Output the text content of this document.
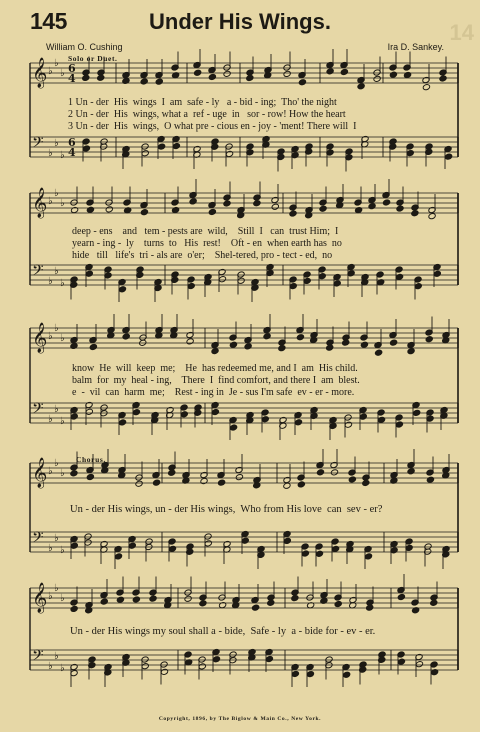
𝄞 ♭
♭
♭ 6
4
𝄢 ♭
♭
♭
6
4
𝄞 ♭
♭
♭
𝄢 ♭
♭
♭
𝄞 ♭
♭
♭
𝄢 ♭
♭
♭
𝄞 ♭
♭
♭
𝄢 ♭
♭
♭
𝄞 ♭
♭
♭
𝄢 ♭
♭
♭
145	Under His Wings.	14
William O. Cushing	Ira D. Sankey.
Solo or Duet.
Chorus.
1 Un - der  His  wings  I  am  safe - ly   a - bid - ing;  Tho' the night
2 Un - der  His  wings, what a  ref - uge  in   sor - row! How the heart
3 Un - der  His  wings,  O what pre - cious en - joy - 'ment! There will  I
deep - ens    and   tem - pests are  wild,    Still  I   can  trust Him;  I
yearn - ing -  ly    turns  to   His  rest!    Oft - en  when earth has  no
hide   till   life's  tri - als are  o'er;    Shel-tered, pro - tect - ed,  no
know  He  will  keep  me;    He  has redeemed me, and I  am  His child.
balm  for  my  heal - ing,    There  I  find comfort, and there I  am  blest.
e  -  vil  can  harm  me;    Rest - ing in  Je - sus I'm safe  ev - er - more.
Un - der His wings, un - der His wings,  Who from His love  can  sev - er?
Un - der His wings my soul shall a - bide,  Safe - ly  a - bide for - ev - er.
Copyright, 1896, by The Biglow & Main Co., New York.
